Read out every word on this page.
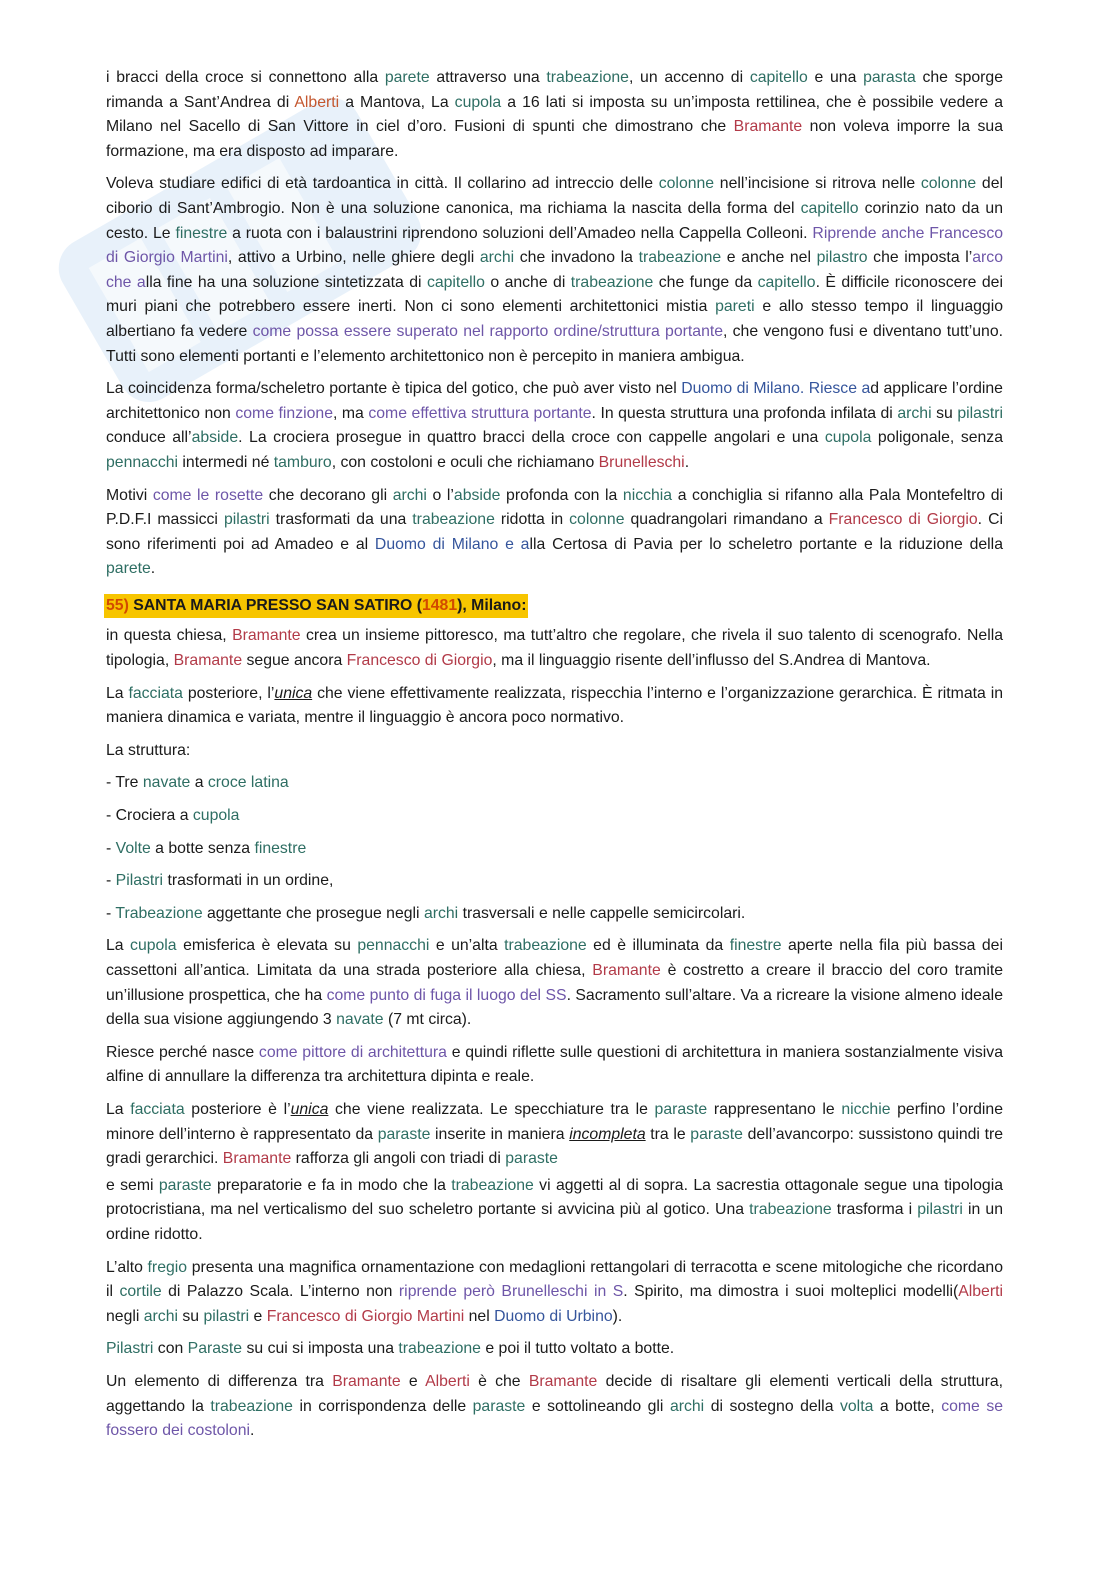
i bracci della croce si connettono alla parete attraverso una trabeazione, un accenno di capitello e una parasta che sporge rimanda a Sant’Andrea di Alberti a Mantova, La cupola a 16 lati si imposta su un’imposta rettilinea, che è possibile vedere a Milano nel Sacello di San Vittore in ciel d’oro. Fusioni di spunti che dimostrano che Bramante non voleva imporre la sua formazione, ma era disposto ad imparare.

Voleva studiare edifici di età tardoantica in città. Il collarino ad intreccio delle colonne nell’incisione si ritrova nelle colonne del ciborio di Sant’Ambrogio. Non è una soluzione canonica, ma richiama la nascita della forma del capitello corinzio nato da un cesto. Le finestre a ruota con i balaustrini riprendono soluzioni dell’Amadeo nella Cappella Colleoni. Riprende anche Francesco di Giorgio Martini, attivo a Urbino, nelle ghiere degli archi che invadono la trabeazione e anche nel pilastro che imposta l’arco che alla fine ha una soluzione sintetizzata di capitello o anche di trabeazione che funge da capitello. È difficile riconoscere dei muri piani che potrebbero essere inerti. Non ci sono elementi architettonici mistia pareti e allo stesso tempo il linguaggio albertiano fa vedere come possa essere superato nel rapporto ordine/struttura portante, che vengono fusi e diventano tutt’uno. Tutti sono elementi portanti e l’elemento architettonico non è percepito in maniera ambigua.

La coincidenza forma/scheletro portante è tipica del gotico, che può aver visto nel Duomo di Milano. Riesce ad applicare l’ordine architettonico non come finzione, ma come effettiva struttura portante. In questa struttura una profonda infilata di archi su pilastri conduce all’abside. La crociera prosegue in quattro bracci della croce con cappelle angolari e una cupola poligonale, senza pennacchi intermedi né tamburo, con costoloni e oculi che richiamano Brunelleschi.

Motivi come le rosette che decorano gli archi o l’abside profonda con la nicchia a conchiglia si rifanno alla Pala Montefeltro di P.D.F.I massicci pilastri trasformati da una trabeazione ridotta in colonne quadrangolari rimandano a Francesco di Giorgio. Ci sono riferimenti poi ad Amadeo e al Duomo di Milano e alla Certosa di Pavia per lo scheletro portante e la riduzione della parete.

55) SANTA MARIA PRESSO SAN SATIRO (1481), Milano:

in questa chiesa, Bramante crea un insieme pittoresco, ma tutt’altro che regolare, che rivela il suo talento di scenografo. Nella tipologia, Bramante segue ancora Francesco di Giorgio, ma il linguaggio risente dell’influsso del S.Andrea di Mantova.

La facciata posteriore, l’unica che viene effettivamente realizzata, rispecchia l’interno e l’organizzazione gerarchica. È ritmata in maniera dinamica e variata, mentre il linguaggio è ancora poco normativo.

La struttura:

- Tre navate a croce latina

- Crociera a cupola

- Volte a botte senza finestre

- Pilastri trasformati in un ordine,

- Trabeazione aggettante che prosegue negli archi trasversali e nelle cappelle semicircolari.

La cupola emisferica è elevata su pennacchi e un’alta trabeazione ed è illuminata da finestre aperte nella fila più bassa dei cassettoni all’antica. Limitata da una strada posteriore alla chiesa, Bramante è costretto a creare il braccio del coro tramite un’illusione prospettica, che ha come punto di fuga il luogo del SS. Sacramento sull’altare. Va a ricreare la visione almeno ideale della sua visione aggiungendo 3 navate (7 mt circa).

Riesce perché nasce come pittore di architettura e quindi riflette sulle questioni di architettura in maniera sostanzialmente visiva alfine di annullare la differenza tra architettura dipinta e reale.

La facciata posteriore è l’unica che viene realizzata. Le specchiature tra le paraste rappresentano le nicchie perfino l’ordine minore dell’interno è rappresentato da paraste inserite in maniera incompleta tra le paraste dell’avancorpo: sussistono quindi tre gradi gerarchici. Bramante rafforza gli angoli con triadi di paraste

e semi paraste preparatorie e fa in modo che la trabeazione vi aggetti al di sopra. La sacrestia ottagonale segue una tipologia protocristiana, ma nel verticalismo del suo scheletro portante si avvicina più al gotico. Una trabeazione trasforma i pilastri in un ordine ridotto.

L’alto fregio presenta una magnifica ornamentazione con medaglioni rettangolari di terracotta e scene mitologiche che ricordano il cortile di Palazzo Scala. L’interno non riprende però Brunelleschi in S. Spirito, ma dimostra i suoi molteplici modelli(Alberti negli archi su pilastri e Francesco di Giorgio Martini nel Duomo di Urbino).

Pilastri con Paraste su cui si imposta una trabeazione e poi il tutto voltato a botte.

Un elemento di differenza tra Bramante e Alberti è che Bramante decide di risaltare gli elementi verticali della struttura, aggettando la trabeazione in corrispondenza delle paraste e sottolineando gli archi di sostegno della volta a botte, come se fossero dei costoloni.
